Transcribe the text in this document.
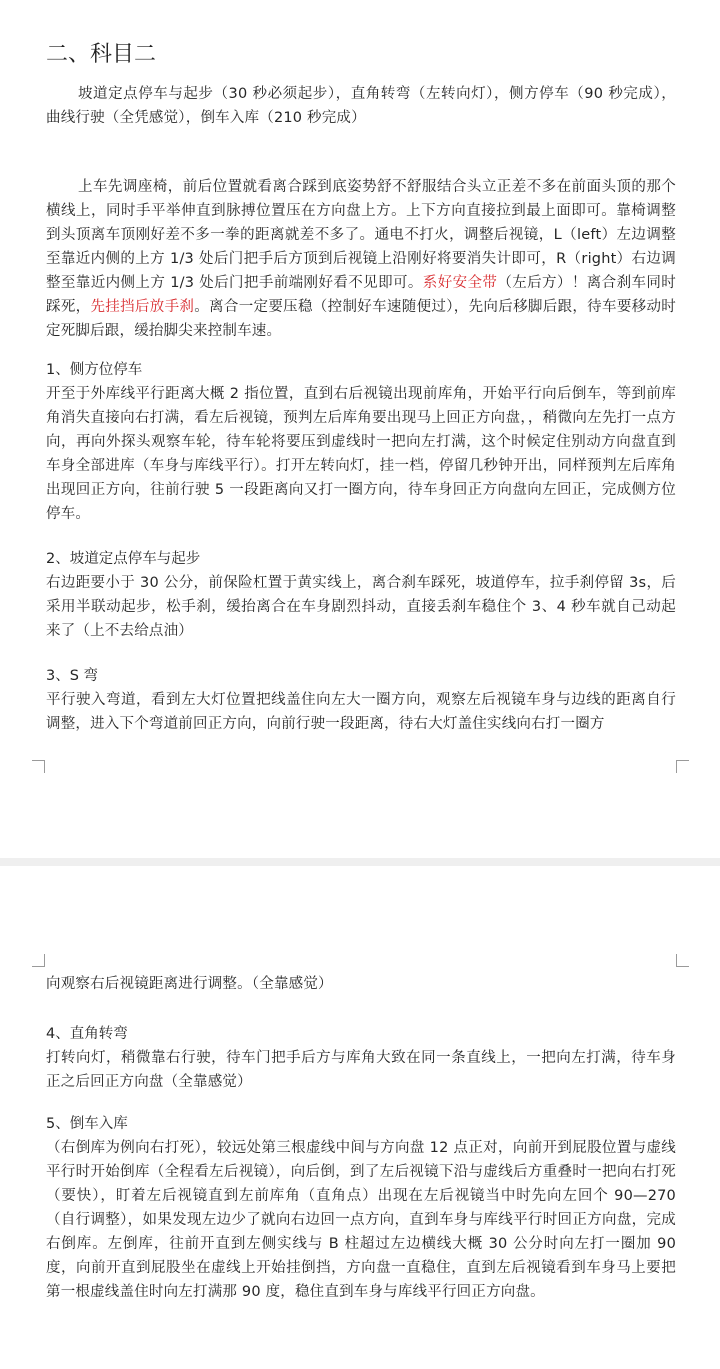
二、科目二

坡道定点停车与起步（30 秒必须起步），直角转弯（左转向灯），侧方停车（90 秒完成），曲线行驶（全凭感觉），倒车入库（210 秒完成）

上车先调座椅，前后位置就看离合踩到底姿势舒不舒服结合头立正差不多在前面头顶的那个横线上，同时手平举伸直到脉搏位置压在方向盘上方。上下方向直接拉到最上面即可。靠椅调整到头顶离车顶刚好差不多一拳的距离就差不多了。通电不打火，调整后视镜，L（left）左边调整至靠近内侧的上方 1/3 处后门把手后方顶到后视镜上沿刚好将要消失计即可，R（right）右边调整至靠近内侧上方 1/3 处后门把手前端刚好看不见即可。系好安全带（左后方）！离合刹车同时踩死，先挂挡后放手刹。离合一定要压稳（控制好车速随便过），先向后移脚后跟，待车要移动时定死脚后跟，缓抬脚尖来控制车速。

1、侧方位停车

开至于外库线平行距离大概 2 指位置，直到右后视镜出现前库角，开始平行向后倒车，等到前库角消失直接向右打满，看左后视镜，预判左后库角要出现马上回正方向盘，，稍微向左先打一点方向，再向外探头观察车轮，待车轮将要压到虚线时一把向左打满，这个时候定住别动方向盘直到车身全部进库（车身与库线平行）。打开左转向灯，挂一档，停留几秒钟开出，同样预判左后库角出现回正方向，往前行驶 5 一段距离向又打一圈方向，待车身回正方向盘向左回正，完成侧方位停车。

2、坡道定点停车与起步

右边距要小于 30 公分，前保险杠置于黄实线上，离合刹车踩死，坡道停车，拉手刹停留 3s，后采用半联动起步，松手刹，缓抬离合在车身剧烈抖动，直接丢刹车稳住个 3、4 秒车就自己动起来了（上不去给点油）

3、S 弯

平行驶入弯道，看到左大灯位置把线盖住向左大一圈方向，观察左后视镜车身与边线的距离自行调整，进入下个弯道前回正方向，向前行驶一段距离，待右大灯盖住实线向右打一圈方

向观察右后视镜距离进行调整。（全靠感觉）

4、直角转弯

打转向灯，稍微靠右行驶，待车门把手后方与库角大致在同一条直线上，一把向左打满，待车身正之后回正方向盘（全靠感觉）

5、倒车入库

（右倒库为例向右打死），较远处第三根虚线中间与方向盘 12 点正对，向前开到屁股位置与虚线平行时开始倒库（全程看左后视镜），向后倒，到了左后视镜下沿与虚线后方重叠时一把向右打死（要快），盯着左后视镜直到左前库角（直角点）出现在左后视镜当中时先向左回个 90—270（自行调整），如果发现左边少了就向右边回一点方向，直到车身与库线平行时回正方向盘，完成右倒库。左倒库，往前开直到左侧实线与 B 柱超过左边横线大概 30 公分时向左打一圈加 90 度，向前开直到屁股坐在虚线上开始挂倒挡，方向盘一直稳住，直到左后视镜看到车身马上要把第一根虚线盖住时向左打满那 90 度，稳住直到车身与库线平行回正方向盘。
